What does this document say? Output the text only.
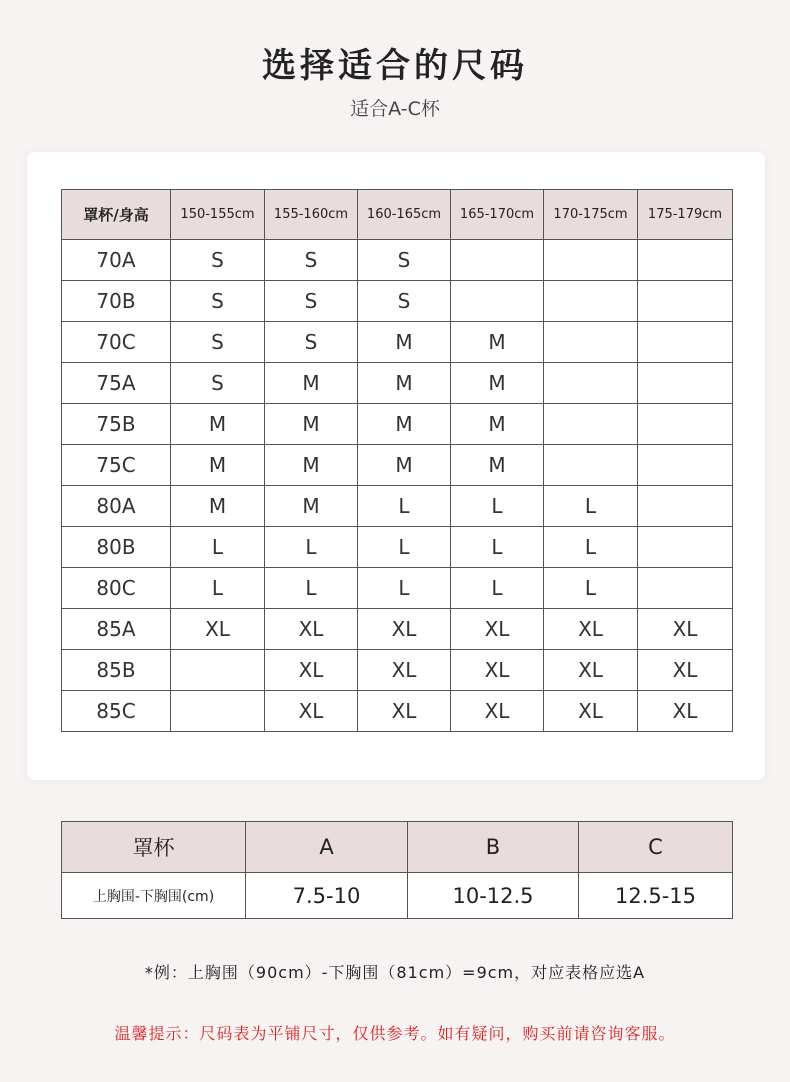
选择适合的尺码
适合A-C杯
罩杯/身高	150-155cm	155-160cm	160-165cm	165-170cm	170-175cm	175-179cm
70A	S	S	S			
70B	S	S	S			
70C	S	S	M	M		
75A	S	M	M	M		
75B	M	M	M	M		
75C	M	M	M	M		
80A	M	M	L	L	L	
80B	L	L	L	L	L	
80C	L	L	L	L	L	
85A	XL	XL	XL	XL	XL	XL
85B		XL	XL	XL	XL	XL
85C		XL	XL	XL	XL	XL
罩杯	A	B	C
上胸围-下胸围(cm)	7.5-10	10-12.5	12.5-15
*例：上胸围（90cm）-下胸围（81cm）=9cm，对应表格应选A
温馨提示：尺码表为平铺尺寸，仅供参考。如有疑问，购买前请咨询客服。
